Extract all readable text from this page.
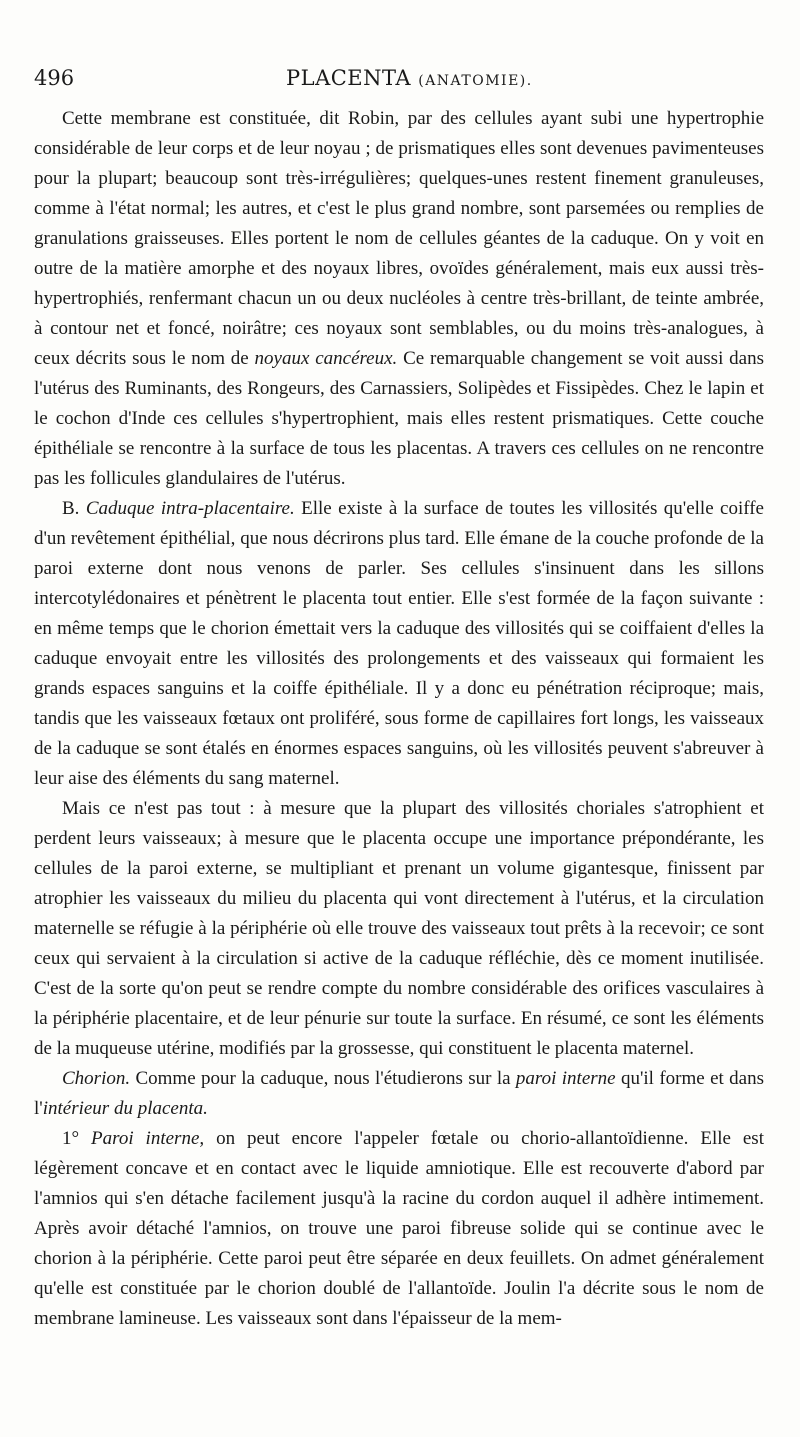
496	PLACENTA (ANATOMIE).

Cette membrane est constituée, dit Robin, par des cellules ayant subi une hypertrophie considérable de leur corps et de leur noyau ; de prismatiques elles sont devenues pavimenteuses pour la plupart; beaucoup sont très-irrégulières; quelques-unes restent finement granuleuses, comme à l'état normal; les autres, et c'est le plus grand nombre, sont parsemées ou remplies de granulations graisseuses. Elles portent le nom de cellules géantes de la caduque. On y voit en outre de la matière amorphe et des noyaux libres, ovoïdes généralement, mais eux aussi très-hypertrophiés, renfermant chacun un ou deux nucléoles à centre très-brillant, de teinte ambrée, à contour net et foncé, noirâtre; ces noyaux sont semblables, ou du moins très-analogues, à ceux décrits sous le nom de noyaux cancéreux. Ce remarquable changement se voit aussi dans l'utérus des Ruminants, des Rongeurs, des Carnassiers, Solipèdes et Fissipèdes. Chez le lapin et le cochon d'Inde ces cellules s'hypertrophient, mais elles restent prismatiques. Cette couche épithéliale se rencontre à la surface de tous les placentas. A travers ces cellules on ne rencontre pas les follicules glandulaires de l'utérus.

B. Caduque intra-placentaire. Elle existe à la surface de toutes les villosités qu'elle coiffe d'un revêtement épithélial, que nous décrirons plus tard. Elle émane de la couche profonde de la paroi externe dont nous venons de parler. Ses cellules s'insinuent dans les sillons intercotylédonaires et pénètrent le placenta tout entier. Elle s'est formée de la façon suivante : en même temps que le chorion émettait vers la caduque des villosités qui se coiffaient d'elles la caduque envoyait entre les villosités des prolongements et des vaisseaux qui formaient les grands espaces sanguins et la coiffe épithéliale. Il y a donc eu pénétration réciproque; mais, tandis que les vaisseaux fœtaux ont proliféré, sous forme de capillaires fort longs, les vaisseaux de la caduque se sont étalés en énormes espaces sanguins, où les villosités peuvent s'abreuver à leur aise des éléments du sang maternel.

Mais ce n'est pas tout : à mesure que la plupart des villosités choriales s'atrophient et perdent leurs vaisseaux; à mesure que le placenta occupe une importance prépondérante, les cellules de la paroi externe, se multipliant et prenant un volume gigantesque, finissent par atrophier les vaisseaux du milieu du placenta qui vont directement à l'utérus, et la circulation maternelle se réfugie à la périphérie où elle trouve des vaisseaux tout prêts à la recevoir; ce sont ceux qui servaient à la circulation si active de la caduque réfléchie, dès ce moment inutilisée. C'est de la sorte qu'on peut se rendre compte du nombre considérable des orifices vasculaires à la périphérie placentaire, et de leur pénurie sur toute la surface. En résumé, ce sont les éléments de la muqueuse utérine, modifiés par la grossesse, qui constituent le placenta maternel.

Chorion. Comme pour la caduque, nous l'étudierons sur la paroi interne qu'il forme et dans l'intérieur du placenta.

1° Paroi interne, on peut encore l'appeler fœtale ou chorio-allantoïdienne. Elle est légèrement concave et en contact avec le liquide amniotique. Elle est recouverte d'abord par l'amnios qui s'en détache facilement jusqu'à la racine du cordon auquel il adhère intimement. Après avoir détaché l'amnios, on trouve une paroi fibreuse solide qui se continue avec le chorion à la périphérie. Cette paroi peut être séparée en deux feuillets. On admet généralement qu'elle est constituée par le chorion doublé de l'allantoïde. Joulin l'a décrite sous le nom de membrane lamineuse. Les vaisseaux sont dans l'épaisseur de la mem-
